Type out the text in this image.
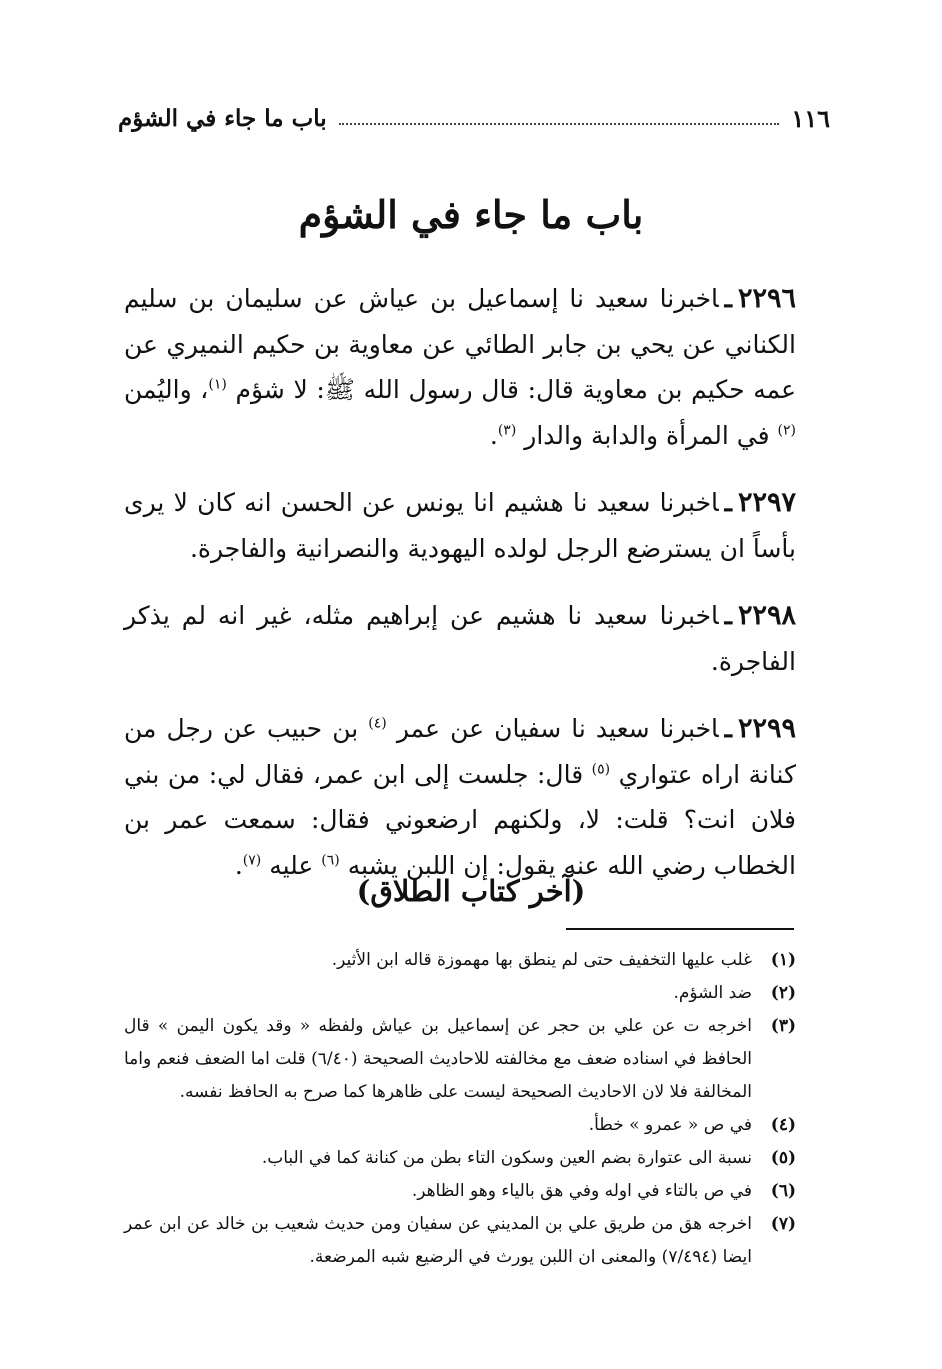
١١٦
باب ما جاء في الشؤم
باب ما جاء في الشؤم

٢٢٩٦ـاخبرنا سعيد نا إسماعيل بن عياش عن سليمان بن سليم الكناني عن يحي بن جابر الطائي عن معاوية بن حكيم النميري عن عمه حكيم بن معاوية قال: قال رسول الله ﷺ: لا شؤم $^{(١)}$، واليُمن $^{(٢)}$ في المرأة والدابة والدار $^{(٣)}$.

٢٢٩٧ـاخبرنا سعيد نا هشيم انا يونس عن الحسن انه كان لا يرى بأساً ان يسترضع الرجل لولده اليهودية والنصرانية والفاجرة.

٢٢٩٨ـاخبرنا سعيد نا هشيم عن إبراهيم مثله، غير انه لم يذكر الفاجرة.

٢٢٩٩ـاخبرنا سعيد نا سفيان عن عمر $^{(٤)}$ بن حبيب عن رجل من كنانة اراه عتواري $^{(٥)}$ قال: جلست إلى ابن عمر، فقال لي: من بني فلان انت؟ قلت: لا، ولكنهم ارضعوني فقال: سمعت عمر بن الخطاب رضي الله عنه يقول: إن اللبن يشبه $^{(٦)}$ عليه $^{(٧)}$.

(آخر كتاب الطلاق)
(١)
غلب عليها التخفيف حتى لم ينطق بها مهموزة قاله ابن الأثير.
(٢)
ضد الشؤم.
(٣)
اخرجه ت عن علي بن حجر عن إسماعيل بن عياش ولفظه « وقد يكون اليمن » قال الحافظ في اسناده ضعف مع مخالفته للاحاديث الصحيحة (٦/٤٠) قلت اما الضعف فنعم واما المخالفة فلا لان الاحاديث الصحيحة ليست على ظاهرها كما صرح به الحافظ نفسه.
(٤)
في ص « عمرو » خطأ.
(٥)
نسبة الى عتوارة بضم العين وسكون التاء بطن من كنانة كما في الباب.
(٦)
في ص بالتاء في اوله وفي هق بالياء وهو الظاهر.
(٧)
اخرجه هق من طريق علي بن المديني عن سفيان ومن حديث شعيب بن خالد عن ابن عمر ايضا (٧/٤٩٤) والمعنى ان اللبن يورث في الرضيع شبه المرضعة.
